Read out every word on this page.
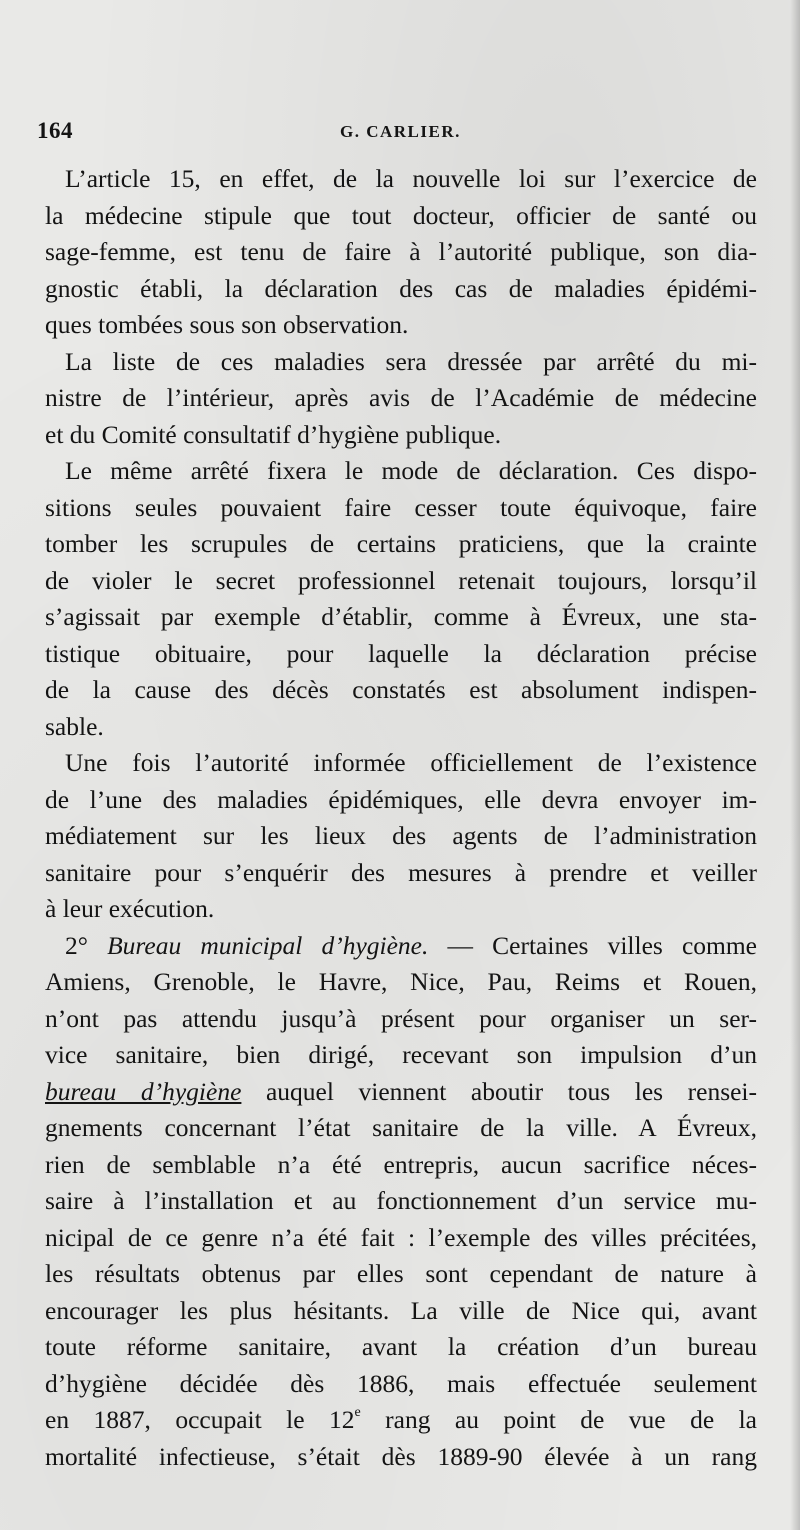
164	G. CARLIER.
L’article 15, en effet, de la nouvelle loi sur l’exercice de
la médecine stipule que tout docteur, officier de santé ou
sage-femme, est tenu de faire à l’autorité publique, son dia-
gnostic établi, la déclaration des cas de maladies épidémi-
ques tombées sous son observation.
La liste de ces maladies sera dressée par arrêté du mi-
nistre de l’intérieur, après avis de l’Académie de médecine
et du Comité consultatif d’hygiène publique.
Le même arrêté fixera le mode de déclaration. Ces dispo-
sitions seules pouvaient faire cesser toute équivoque, faire
tomber les scrupules de certains praticiens, que la crainte
de violer le secret professionnel retenait toujours, lorsqu’il
s’agissait par exemple d’établir, comme à Évreux, une sta-
tistique obituaire, pour laquelle la déclaration précise
de la cause des décès constatés est absolument indispen-
sable.
Une fois l’autorité informée officiellement de l’existence
de l’une des maladies épidémiques, elle devra envoyer im-
médiatement sur les lieux des agents de l’administration
sanitaire pour s’enquérir des mesures à prendre et veiller
à leur exécution.
2° Bureau municipal d’hygiène. — Certaines villes comme
Amiens, Grenoble, le Havre, Nice, Pau, Reims et Rouen,
n’ont pas attendu jusqu’à présent pour organiser un ser-
vice sanitaire, bien dirigé, recevant son impulsion d’un
bureau d’hygiène auquel viennent aboutir tous les rensei-
gnements concernant l’état sanitaire de la ville. A Évreux,
rien de semblable n’a été entrepris, aucun sacrifice néces-
saire à l’installation et au fonctionnement d’un service mu-
nicipal de ce genre n’a été fait : l’exemple des villes précitées,
les résultats obtenus par elles sont cependant de nature à
encourager les plus hésitants. La ville de Nice qui, avant
toute réforme sanitaire, avant la création d’un bureau
d’hygiène décidée dès 1886, mais effectuée seulement
en 1887, occupait le 12e rang au point de vue de la
mortalité infectieuse, s’était dès 1889-90 élevée à un rang
